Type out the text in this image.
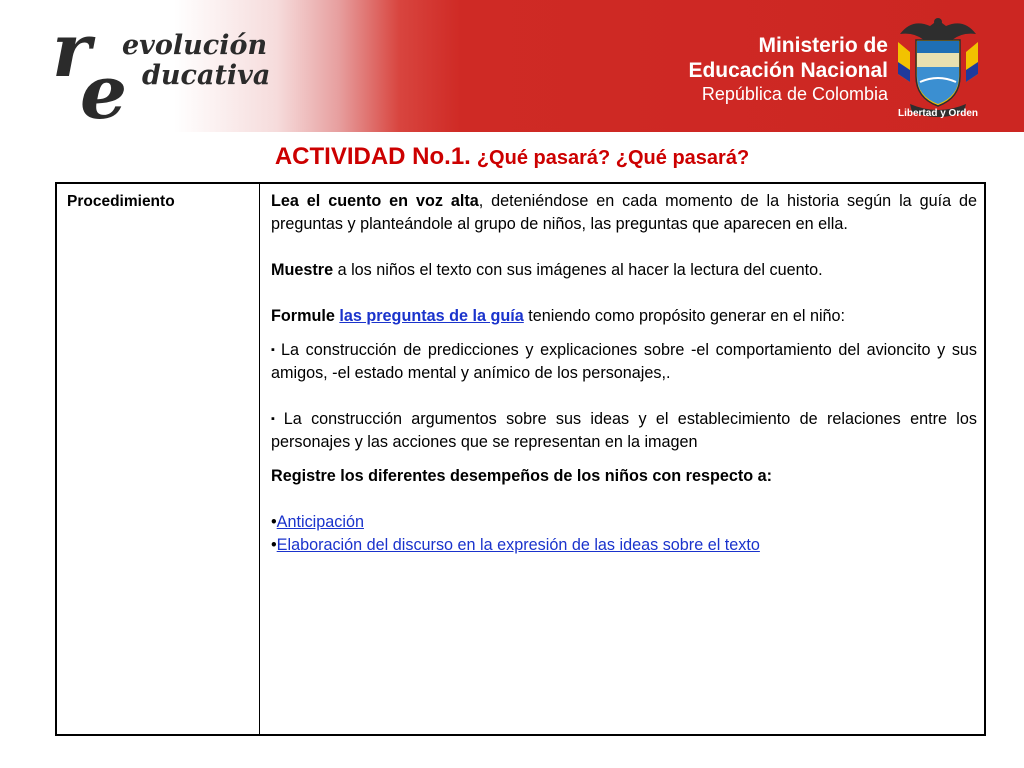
r
e
evolución
ducativa
Ministerio de
Educación Nacional
República de Colombia
Libertad y Orden
ACTIVIDAD No.1. ¿Qué pasará? ¿Qué pasará?
Procedimiento	Lea el cuento en voz alta, deteniéndose en cada momento de la historia según la guía de preguntas y planteándole al grupo de niños, las preguntas que aparecen en ella.

Muestre a los niños el texto con sus imágenes al hacer la lectura del cuento.

Formule las preguntas de la guía teniendo como propósito generar en el niño:

▪ La construcción de predicciones y explicaciones sobre -el comportamiento del avioncito y sus amigos, -el estado mental y anímico de los personajes,.

▪ La construcción argumentos sobre sus ideas y el establecimiento de relaciones entre los personajes y las acciones que se representan en la imagen

Registre los diferentes desempeños de los niños con respecto a:

•Anticipación

•Elaboración del discurso en la expresión de las ideas sobre el texto
